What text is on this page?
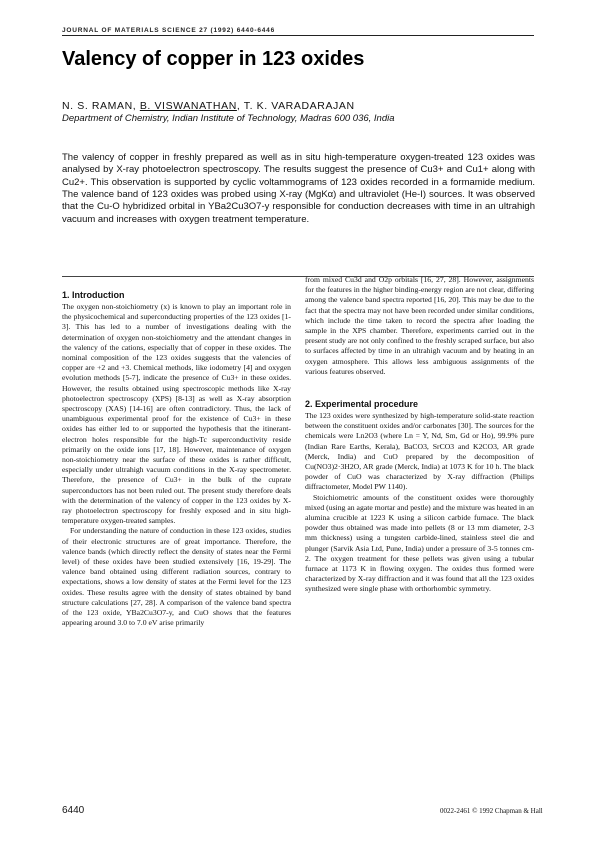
JOURNAL OF MATERIALS SCIENCE 27 (1992) 6440-6446
Valency of copper in 123 oxides
N. S. RAMAN, B. VISWANATHAN, T. K. VARADARAJAN
Department of Chemistry, Indian Institute of Technology, Madras 600 036, India
The valency of copper in freshly prepared as well as in situ high-temperature oxygen-treated 123 oxides was analysed by X-ray photoelectron spectroscopy. The results suggest the presence of Cu3+ and Cu1+ along with Cu2+. This observation is supported by cyclic voltammograms of 123 oxides recorded in a formamide medium. The valence band of 123 oxides was probed using X-ray (MgKα) and ultraviolet (He-I) sources. It was observed that the Cu-O hybridized orbital in YBa2Cu3O7-y responsible for conduction decreases with time in an ultrahigh vacuum and increases with oxygen treatment temperature.
1. Introduction

The oxygen non-stoichiometry (x) is known to play an important role in the physicochemical and superconducting properties of the 123 oxides [1-3]. This has led to a number of investigations dealing with the determination of oxygen non-stoichiometry and the attendant changes in the valency of the cations, especially that of copper in these oxides. The nominal composition of the 123 oxides suggests that the valencies of copper are +2 and +3. Chemical methods, like iodometry [4] and oxygen evolution methods [5-7], indicate the presence of Cu3+ in these oxides. However, the results obtained using spectroscopic methods like X-ray photoelectron spectroscopy (XPS) [8-13] as well as X-ray absorption spectroscopy (XAS) [14-16] are often contradictory. Thus, the lack of unambiguous experimental proof for the existence of Cu3+ in these oxides has either led to or supported the hypothesis that the itinerant-electron holes responsible for the high-Tc superconductivity reside primarily on the oxide ions [17, 18]. However, maintenance of oxygen non-stoichiometry near the surface of these oxides is rather difficult, especially under ultrahigh vacuum conditions in the X-ray spectrometer. Therefore, the presence of Cu3+ in the bulk of the cuprate superconductors has not been ruled out. The present study therefore deals with the determination of the valency of copper in the 123 oxides by X-ray photoelectron spectroscopy for freshly exposed and in situ high-temperature oxygen-treated samples.

For understanding the nature of conduction in these 123 oxides, studies of their electronic structures are of great importance. Therefore, the valence bands (which directly reflect the density of states near the Fermi level) of these oxides have been studied extensively [16, 19-29]. The valence band obtained using different radiation sources, contrary to expectations, shows a low density of states at the Fermi level for the 123 oxides. These results agree with the density of states obtained by band structure calculations [27, 28]. A comparison of the valence band spectra of the 123 oxide, YBa2Cu3O7-y, and CuO shows that the features appearing around 3.0 to 7.0 eV arise primarily

from mixed Cu3d and O2p orbitals [16, 27, 28]. However, assignments for the features in the higher binding-energy region are not clear, differing among the valence band spectra reported [16, 20]. This may be due to the fact that the spectra may not have been recorded under similar conditions, which include the time taken to record the spectra after loading the sample in the XPS chamber. Therefore, experiments carried out in the present study are not only confined to the freshly scraped surface, but also to surfaces affected by time in an ultrahigh vacuum and by heating in an oxygen atmosphere. This allows less ambiguous assignments of the various features observed.

2. Experimental procedure

The 123 oxides were synthesized by high-temperature solid-state reaction between the constituent oxides and/or carbonates [30]. The sources for the chemicals were Ln2O3 (where Ln = Y, Nd, Sm, Gd or Ho), 99.9% pure (Indian Rare Earths, Kerala), BaCO3, SrCO3 and K2CO3, AR grade (Merck, India) and CuO prepared by the decomposition of Cu(NO3)2·3H2O, AR grade (Merck, India) at 1073 K for 10 h. The black powder of CuO was characterized by X-ray diffraction (Philips diffractometer, Model PW 1140).

Stoichiometric amounts of the constituent oxides were thoroughly mixed (using an agate mortar and pestle) and the mixture was heated in an alumina crucible at 1223 K using a silicon carbide furnace. The black powder thus obtained was made into pellets (8 or 13 mm diameter, 2-3 mm thickness) using a tungsten carbide-lined, stainless steel die and plunger (Sarvik Asia Ltd, Pune, India) under a pressure of 3-5 tonnes cm-2. The oxygen treatment for these pellets was given using a tubular furnace at 1173 K in flowing oxygen. The oxides thus formed were characterized by X-ray diffraction and it was found that all the 123 oxides synthesized were single phase with orthorhombic symmetry.

6440	0022-2461 © 1992 Chapman & Hall
